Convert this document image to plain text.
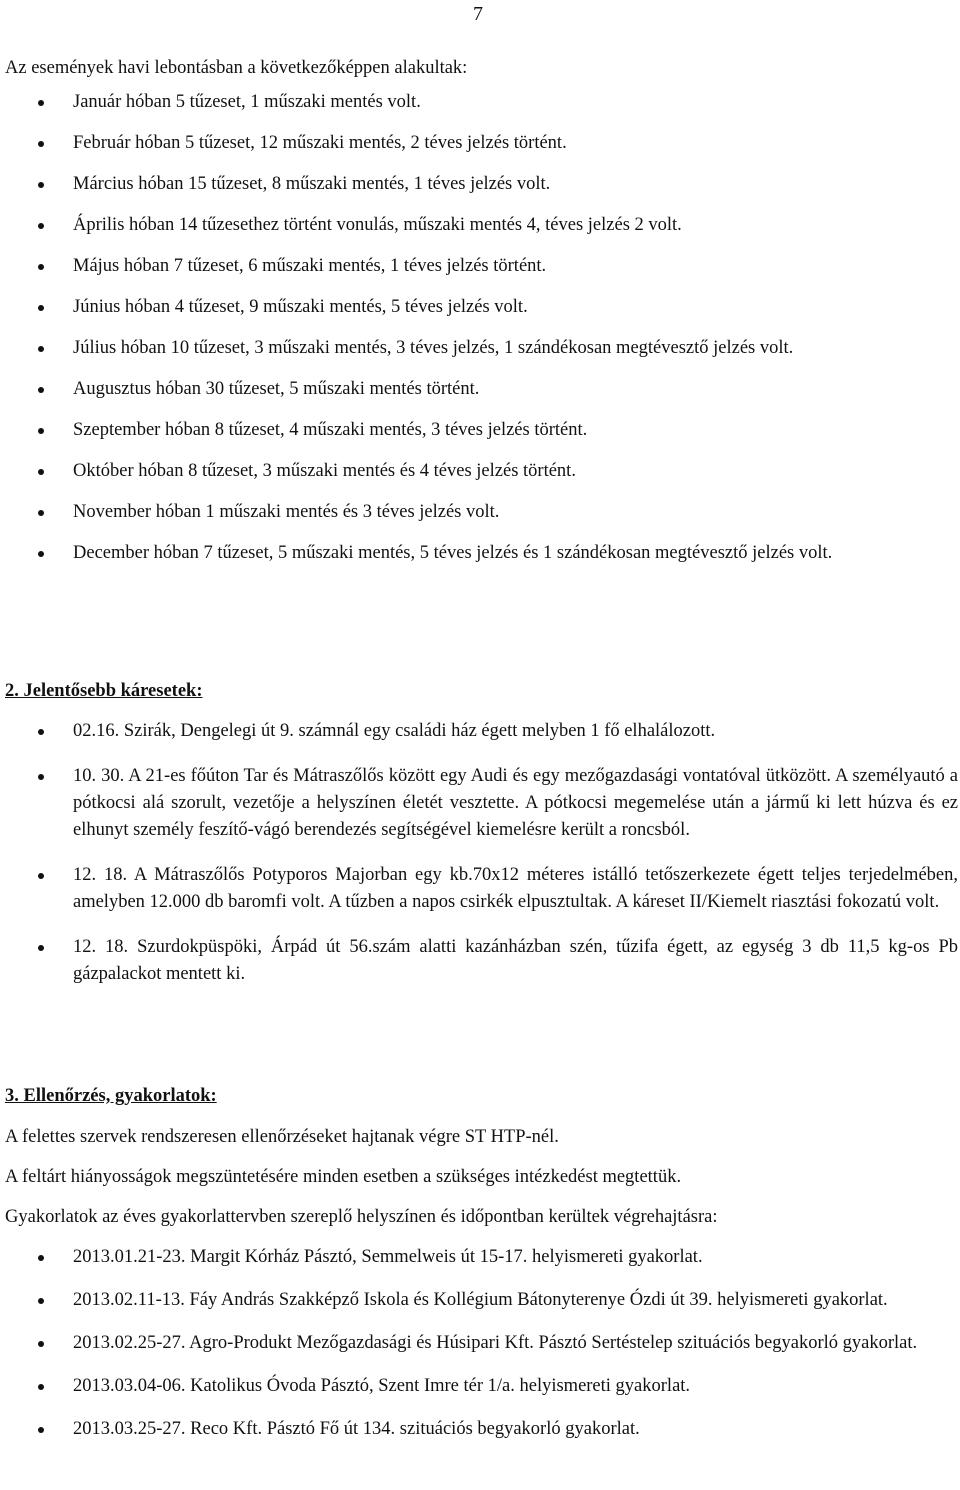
7
Az események havi lebontásban a következőképpen alakultak:
Január hóban 5 tűzeset, 1 műszaki mentés volt.
Február hóban 5 tűzeset, 12 műszaki mentés, 2 téves jelzés történt.
Március hóban 15 tűzeset, 8 műszaki mentés, 1 téves jelzés volt.
Április hóban 14 tűzesethez történt vonulás, műszaki mentés 4, téves jelzés 2 volt.
Május hóban 7 tűzeset, 6 műszaki mentés, 1 téves jelzés történt.
Június hóban 4 tűzeset, 9 műszaki mentés, 5 téves jelzés volt.
Július hóban 10 tűzeset, 3 műszaki mentés, 3 téves jelzés, 1 szándékosan megtévesztő jelzés volt.
Augusztus hóban 30 tűzeset, 5 műszaki mentés történt.
Szeptember hóban 8 tűzeset, 4 műszaki mentés, 3 téves jelzés történt.
Október hóban 8 tűzeset, 3 műszaki mentés és 4 téves jelzés történt.
November hóban 1 műszaki mentés és 3 téves jelzés volt.
December hóban 7 tűzeset, 5 műszaki mentés, 5 téves jelzés és 1 szándékosan megtévesztő jelzés volt.
2. Jelentősebb káresetek:
02.16. Szirák, Dengelegi út 9. számnál egy családi ház égett melyben 1 fő elhalálozott.
10. 30. A 21-es főúton Tar és Mátraszőlős között egy Audi és egy mezőgazdasági vontatóval ütközött. A személyautó a pótkocsi alá szorult, vezetője a helyszínen életét vesztette. A pótkocsi megemelése után a jármű ki lett húzva és ez elhunyt személy feszítő-vágó berendezés segítségével kiemelésre került a roncsból.
12. 18. A Mátraszőlős Potyporos Majorban egy kb.70x12 méteres istálló tetőszerkezete égett teljes terjedelmében, amelyben 12.000 db baromfi volt. A tűzben a napos csirkék elpusztultak. A káreset II/Kiemelt riasztási fokozatú volt.
12. 18. Szurdokpüspöki, Árpád út 56.szám alatti kazánházban szén, tűzifa égett, az egység 3 db 11,5 kg-os Pb gázpalackot mentett ki.
3. Ellenőrzés, gyakorlatok:
A felettes szervek rendszeresen ellenőrzéseket hajtanak végre ST HTP-nél.
A feltárt hiányosságok megszüntetésére minden esetben a szükséges intézkedést megtettük.
Gyakorlatok az éves gyakorlattervben szereplő helyszínen és időpontban kerültek végrehajtásra:
2013.01.21-23. Margit Kórház Pásztó, Semmelweis út 15-17. helyismereti gyakorlat.
2013.02.11-13. Fáy András Szakképző Iskola és Kollégium Bátonyterenye Ózdi út 39. helyismereti gyakorlat.
2013.02.25-27. Agro-Produkt Mezőgazdasági és Húsipari Kft. Pásztó Sertéstelep szituációs begyakorló gyakorlat.
2013.03.04-06. Katolikus Óvoda Pásztó, Szent Imre tér 1/a. helyismereti gyakorlat.
2013.03.25-27. Reco Kft. Pásztó Fő út 134. szituációs begyakorló gyakorlat.
